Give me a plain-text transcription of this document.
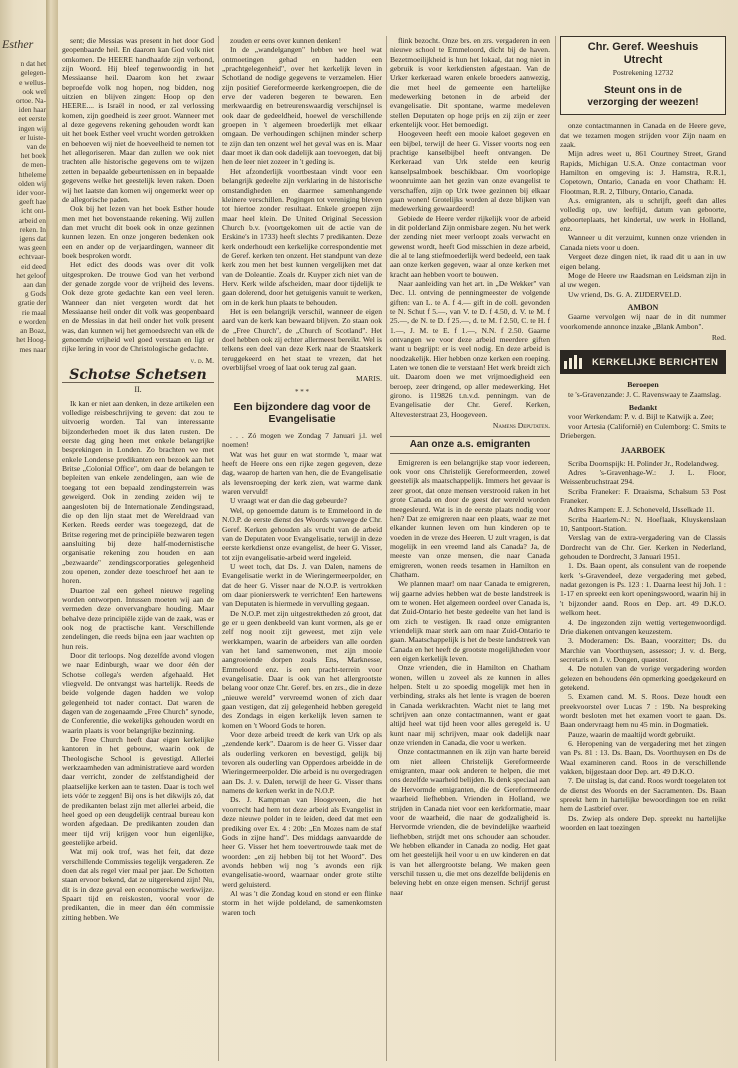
Esther

n dat het

gelegen-

e wellus-

ook wel

ortoe. Na-

iden haar

eet eerste

ingen wij

er luiste-

van de

het boek

de men-

htheleme

olden wij

ider voor-

geeft hae

icht ont-

arbeid en

reken. In

igens dat

was geen

echtvaar-

eid deed

het geloof

aan dan

g Gods

gratie der

rie maal

e worden

an Boaz,

het Hoog-

mes naar

sent; die Messias was present in het door God geopenbaarde heil. En daarom kan God volk niet omkomen. De HEERE handhaafde zijn verbond, zijn Woord. Hij bleef tegenwoordig in het Messiaanse heil. Daarom kon het zwaar beproefde volk nog hopen, nog bidden, nog uitzien en blijven zingen: Hoop op den HEERE.... is Israël in nood, er zal verlossing komen, zijn goedheid is zeer groot. Wanneer met al deze gegevens rekening gehouden wordt kan uit het boek Esther veel vrucht worden getrokken en behoeven wij niet de hoeveelheid te nemen tot het allegoriseren. Maar dan zullen we ook niet trachten alle historische gegevens om te wijzen zetten in bepaalde gebeurtenissen en in bepaalde gegevens welke het geestelijk leven raken. Doen wij het laatste dan komen wij ongemerkt weer op de allegorische paden.

Ook bij het lezen van het boek Esther houde men met het bovenstaande rekening. Wij zullen dan met vrucht dit boek ook in onze gezinnen kunnen lezen. En onze jongeren bedenken ook een en ander op de verjaardingen, wanneer dit boek besproken wordt.

Het edict des doods was over dit volk uitgesproken. De trouwe God van het verbond der genade zorgde voor de vrijheid des levens. Ook deze grote gedachte kan een veel leren. Wanneer dan niet vergeten wordt dat het Messiaanse heil onder dit volk was geopenbaard en de Messias in dat heil onder het volk present was, dan kunnen wij het gemoedsrecht van elk de genoemde vrijheid wel goed verstaan en ligt er rijke lering in voor de Christologische gedachte.

v. d. M.
Schotse Schetsen
II.

Ik kan er niet aan denken, in deze artikelen een volledige reisbeschrijving te geven: dat zou te uitvoerig worden. Tal van interessante bijzonderheden moet ik dus laten rusten. De eerste dag ging heen met enkele belangrijke besprekingen in Londen. Zo brachten we met enkele Londense predikanten een bezoek aan het Britse „Colonial Office", om daar de belangen te bepleiten van enkele zendelingen, aan wie de toegang tot een bepaald zendingsterrein was geweigerd. Ook in zending zeiden wij te aangesloten bij de Internationale Zendingsraad, die op den lijn staat met de Wereldraad van Kerken. Reeds eerder was toegezegd, dat de Britse regering met de principiële bezwaren tegen aansluiting bij deze half-modernistische organisatie rekening zou houden en aan „bezwaarde" zendingscorporaties gelegenheid zou openen, zonder deze toeschroef het aan te horen.

Duartoe zal een geheel nieuwe regeling worden ontworpen. Intussen moeten wij aan de vermeden deze onvervangbare houding. Maar behalve deze principiële zijde van de zaak, was er ook nog de practische kant. Verschillende zendelingen, die reeds bijna een jaar wachten op hun reis.

Door dit terloops. Nog dezelfde avond vlogen we naar Edinburgh, waar we door één der Schotse collega's werden afgehaald. Het vliegveld. De ontvangst was hartelijk. Reeds de beide volgende dagen hadden we volop gelegenheid tot nader contact. Dat waren de dagen van de zogenaamde „Free Church" synode, de Conferentie, die wekelijks gehouden wordt en waarin plaats is voor belangrijke bezinning.

De Free Church heeft daar eigen kerkelijke kantoren in het gebouw, waarin ook de Theologische School is gevestigd. Allerlei werkzaamheden van administratieve aard worden daar verricht, zonder de zelfstandigheid der plaatselijke kerken aan te tasten. Daar is toch wel iets vóór te zeggen! Bij ons is het dikwijls zó, dat de predikanten belast zijn met allerlei arbeid, die heel goed op een deugdelijk centraal bureau kon worden afgedaan. De predikanten zouden dan meer tijd vrij krijgen voor hun eigenlijke, geestelijke arbeid.

Wat mij ook trof, was het feit, dat deze verschillende Commissies tegelijk vergaderen. Ze doen dat als regel vier maal per jaar. De Schotten staan ervoor bekend, dat ze uitgerekend zijn! Nu, dit is in deze geval een economische werkwijze. Spaart tijd en reiskosten, vooral voor de predikanten, die in meer dan één commissie zitting hebben. We

zouden er eens over kunnen denken!

In de „wandelgangen" hebben we heel wat ontmoetingen gehad en hadden een „prachtgelegenheid", over het kerkelijk leven in Schotland de nodige gegevens te verzamelen. Hier zijn positief Gereformeerde kerkengroepen, die de erve der vaderen begeren te bewaren. Een merkwaardig en betreurenswaardig verschijnsel is ook daar de gedeeldheid, hoewel de verschillende groepen in 't algemeen broederlijk met elkaar omgaan. De verhoudingen schijnen minder scherp te zijn dan ten onzent wel het geval was en is. Maar daar moet ik dan ook dadelijk aan toevoegen, dat bij hen de leer niet zozeer in 't geding is.

Het afzonderlijk voortbestaan vindt voor een belangrijk gedeelte zijn verklaring in de historische omstandigheden en daarmee samenhangende kleinere verschillen. Pogingen tot vereniging bleven tot hiertoe zonder resultaat. Enkele groepen zijn maar heel klein. De United Original Secession Church b.v. (voortgekomen uit de actie van de Erskine's in 1733) heeft slechts 7 predikanten. Deze kerk onderhoudt een kerkelijke correspondentie met de Geref. kerken ten onzent. Het standpunt van deze kerk zou men het best kunnen vergelijken met dat van de Doleantie. Zoals dr. Kuyper zich niet van de Herv. Kerk wilde afscheiden, maar door tijdelijk te gaan dolerend, door het getuigenis vanuit te werken, om in de kerk hun plaats te behouden.

Het is een belangrijk verschil, wanneer de eigen aard van de kerk kan bewaard blijven. Zo staan ook de „Free Church", de „Church of Scotland". Het doel hebben ook zij echter allermeest bereikt. Wel is telkens een deel van deze Kerk naar de Staatskerk teruggekeerd en het staat te vrezen, dat het overblijfsel vroeg of laat ook terug zal gaan.

MARIS.
* * *
Een bijzondere dag voor de Evangelisatie

. . . Zó mogen we Zondag 7 Januari j.l. wel noemen!

Wat was het guur en wat stormde 't, maar wat heeft de Heere ons een rijke zegen gegeven, deze dag, waarop de harten van hen, die de Evangelisatie als levensroeping der kerk zien, wat warme dank waren vervuld!

U vraagt wat er dan die dag gebeurde?

Wel, op genoemde datum is te Emmeloord in de N.O.P. de eerste dienst des Woords vanwege de Chr. Geref. Kerken gehouden als vrucht van de arbeid van de Deputaten voor Evangelisatie, terwijl in deze eerste kerkdienst onze evangelist, de heer G. Visser, tot zijn evangelisatie-arbeid werd ingeleid.

U weet toch, dat Ds. J. van Dalen, namens de Evangelisatie werkt in de Wieringermeerpolder, en dat de heer G. Visser naar de N.O.P. is vertrokken om daar pionierswerk te verrichten! Een hartewens van Deputaten is hiermede in vervulling gegaan.

De N.O.P. met zijn uitgestrektheden zó groot, dat ge er u geen denkbeeld van kunt vormen, als ge er zelf nog nooit zijt geweest, met zijn vele werkkampen, waarin de arbeiders van alle oorden van het land samenwonen, met zijn mooie aangroeiende dorpen zoals Ens, Marknesse, Emmeloord enz. is een pracht-terrein voor evangelisatie. Daar is ook van het allergrootste belang voor onze Chr. Geref. brs. en zrs., die in deze „nieuwe wereld" vervreemd wonen of zich daar gaan vestigen, dat zij gelegenheid hebben geregeld des Zondags in eigen kerkelijk leven samen te komen en 't Woord Gods te horen.

Voor deze arbeid treedt de kerk van Urk op als „zendende kerk". Daarom is de heer G. Visser daar als ouderling verkoren en bevestigd, gelijk bij tevoren als ouderling van Opperdoes arbeidde in de Wieringermeerpolder. Die arbeid is nu overgedragen aan Ds. J. v. Dalen, terwijl de heer G. Visser thans namens de kerken werkt in de N.O.P.

Ds. J. Kampman van Hoogeveen, die het voorrecht had hem tot deze arbeid als Evangelist in deze nieuwe polder in te leiden, deed dat met een prediking over Ex. 4 : 20b: „En Mozes nam de staf Gods in zijne hand". Des middags aanvaardde de heer G. Visser het hem toevertrouwde taak met de woorden: „en zij hebben bij tot het Woord". Des avonds hebben wij nog 's avonds een rijk evangelisatie-woord, waarnaar onder grote stilte werd geluisterd.

Al was 't die Zondag koud en stond er een flinke storm in het wijde poldeland, de samenkomsten waren toch

flink bezocht. Onze brs. en zrs. vergaderen in een nieuwe school te Emmeloord, dicht bij de haven. Bezetmoeilijkheid is hun het lokaal, dat nog niet in gebruik is voor kerkdiensten afgestaan. Van de Urker kerkeraad waren enkele broeders aanwezig, die met heel de gemeente een hartelijke medewerking betonen in de arbeid der evangelisatie. Dit spontane, warme medeleven stellen Deputaten op hoge prijs en zij zijn er zeer erkentelijk voor. Het bemoedigt.

Hoogeveen heeft een mooie kaloet gegeven en een bijbel, terwijl de heer G. Visser voorts nog een prachtige kanselbijbel heeft ontvangen. De Kerkeraad van Urk stelde een keurig kanselpsalmboek beschikbaar. Om voorlopige woonruimte aan het gezin van onze evangelist te verschaffen, zijn op Urk twee gezinnen bij elkaar gaan wonen! Grotelijks worden al deze blijken van medewerking gewaardeerd!

Gebiede de Heere verder rijkelijk voor de arbeid in dit polderland Zijn onmisbare zegen. Nu het werk der zending niet meer verloopt zoals verwacht en gewenst wordt, heeft God misschien in deze arbeid, die al te lang stiefmoederlijk werd bedeeld, een taak aan onze kerken gegeven, waar al onze kerken met kracht aan hebben voort te bouwen.

Naar aanleiding van het art. in „De Wekker" van Dec. l.l. ontving de penningmeester de volgende giften: van L. te A. f 4.— gift in de coll. gevonden te N. Schut f 5.—, van V. te D. f 4.50, d. V. te M. f 25.—, de N. te D. f 25.—, d. te M. f 2.50, C. te H. f 1.—, J. M. te E. f 1.—, N.N. f 2.50. Gaarne ontvangen we voor deze arbeid meerdere giften want u begrijpt: er is veel nodig. En deze arbeid is noodzakelijk. Hier hebben onze kerken een roeping. Laten we tonen die te verstaan! Het werk breidt zich uit. Daarom doen we met vrijmoedigheid een beroep, zeer dringend, op aller medewerking. Het girono. is 119826 t.n.v.d. penningm. van de Evangelisatie der Chr. Geref. Kerken, Altevesterstraat 23, Hoogeveen.

Namens Deputaten.
Aan onze a.s. emigranten

Emigreren is een belangrijke stap voor iedereen, ook voor ons Christelijk Gereformeerden, zowel geestelijk als maatschappelijk. Immers het gevaar is zeer groot, dat onze mensen verstrooid raken in het grote Canada en door de geest der wereld worden meegesleurd. Wat is in de eerste plaats nodig voor hen? Dat ze emigreren naar een plaats, waar ze met elkander kunnen leven om hun kinderen op te voeden in de vreze des Heeren. U zult vragen, is dat mogelijk in een vreemd land als Canada? Ja, de meeste van onze mensen, die naar Canada emigreren, wonen reeds tesamen in Hamilton en Chatham.

We plannen maar! om naar Canada te emigreren, wij gaarne advies hebben wat de beste landstreek is om te wonen. Het algemeen oordeel over Canada is, dat Zuid-Ontario het beste gedeelte van het land is om zich te vestigen. Ik raad onze emigranten vriendelijk maar sterk aan om naar Zuid-Ontario te gaan. Maatschappelijk is het de beste landstreek van Canada en het heeft de grootste mogelijkheden voor een eigen kerkelijk leven.

Onze vrienden, die in Hamilton en Chatham wonen, willen u zoveel als ze kunnen in alles helpen. Stelt u zo spoedig mogelijk met hen in verbinding, straks als het lente is vragen de boeren in Canada werkkrachten. Wacht niet te lang met schrijven aan onze contactmannen, want er gaat altijd heel wat tijd heen voor alles geregeld is. U kunt naar mij schrijven, maar ook dadelijk naar onze vrienden in Canada, die voor u werken.

Onze contactmannen en ik zijn van harte bereid om niet alleen Christelijk Gereformeerde emigranten, maar ook anderen te helpen, die met ons dezelfde waarheid belijden. Ik denk speciaal aan de Hervormde emigranten, die de Gereformeerde waarheid liefhebben. Vrienden in Holland, we strijden in Canada niet voor een kerkformatie, maar voor de waarheid, die naar de godzaligheid is. Hervormde vrienden, die de bevindelijke waarheid liefhebben, strijdt met ons schouder aan schouder. We hebben elkander in Canada zo nodig. Het gaat om het geestelijk heil voor u en uw kinderen en dat is van het allergrootste belang. We maken geen verschil tussen u, die met ons dezelfde belijdenis en beleving hebt en onze eigen mensen. Schrijf gerust naar

Chr. Geref. Weeshuis
Utrecht
Postrekening 12732
Steunt ons in de
verzorging der weezen!

onze contactmannen in Canada en de Heere geve, dat we tezamen mogen strijden voor Zijn naam en zaak.

Mijn adres weet u, 861 Courtney Street, Grand Rapids, Michigan U.S.A. Onze contactman voor Hamilton en omgeving is: J. Hamstra, R.R.1, Copetown, Ontario, Canada en voor Chatham: H. Flootman, R.R. 2, Tilbury, Ontario, Canada.

A.s. emigranten, als u schrijft, geeft dan alles volledig op, uw leeftijd, datum van geboorte, geboorteplaats, het kindertal, uw werk in Holland, enz.

Wanneer u dit verzuimt, kunnen onze vrienden in Canada niets voor u doen.

Vergeet deze dingen niet, ik raad dit u aan in uw eigen belang.

Moge de Heere uw Raadsman en Leidsman zijn in al uw wegen.

Uw vriend, Ds. G. A. ZIJDERVELD.

AMBON

Gaarne vervolgen wij naar de in dit nummer voorkomende annonce inzake „Blank Ambon".

Red.
KERKELIJKE BERICHTEN
Beroepen

te 's-Gravenzande: J. C. Ravenswaay te Zaamslag.

Bedankt

voor Werkendam: P. v. d. Bijl te Katwijk a. Zee;

voor Artesia (Californië) en Culemborg: C. Smits te Driebergen.

JAARBOEK

Scriba Doornspijk: H. Polinder Jr., Rodelandweg.

Adres 's-Gravenhage-W.: J. L. Floor, Weissenbruchstraat 294.

Scriba Franeker: F. Draaisma, Schalsum 53 Post Franeker.

Adres Kampen: E. J. Schoneveld, IJsselkade 11.

Scriba Haarlem-N.: N. Hoeflaak, Kluyskenslaan 10, Santpoort-Station.

Verslag van de extra-vergadering van de Classis Dordrecht van de Chr. Ger. Kerken in Nederland, gehouden te Dordrecht, 3 Januari 1951.

1. Ds. Baan opent, als consulent van de roepende kerk 's-Gravendeel, deze vergadering met gebed, nadat gezongen is Ps. 123 : 1. Daarna leest hij Joh. 1 : 1-17 en spreekt een kort openingswoord, waarin hij in 't bijzonder aand. Roos en Dep. art. 49 D.K.O. welkom heet.

4. De ingezonden zijn wettig vertegenwoordigd. Drie diakenen ontvangen keuzestem.

3. Moderamen: Ds. Baan, voorzitter; Ds. du Marchie van Voorthuysen, assessor; J. v. d. Berg, secretaris en J. v. Dongen, quaestor.

4. De notulen van de vorige vergadering worden gelezen en behoudens één opmerking goedgekeurd en getekend.

5. Examen cand. M. S. Roos. Deze houdt een preekvoorstel over Lucas 7 : 19b. Na bespreking wordt besloten met het examen voort te gaan. Ds. Baan ondervraagt hem nu 45 min. in Dogmatiek.

Pauze, waarin de maaltijd wordt gebruikt.

6. Heropening van de vergadering met het zingen van Ps. 81 : 13. Ds. Baan, Ds. Voorthuysen en Ds de Waal examineren cand. Roos in de verschillende vakken, bijgestaan door Dep. art. 49 D.K.O.

7. De uitslag is, dat cand. Roos wordt toegelaten tot de dienst des Woords en der Sacramenten. Ds. Baan spreekt hem in hartelijke bewoordingen toe en reikt hem de Lastbrief over.

Ds. Zwiep als ondere Dep. spreekt nu hartelijke woorden en laat toezingen
